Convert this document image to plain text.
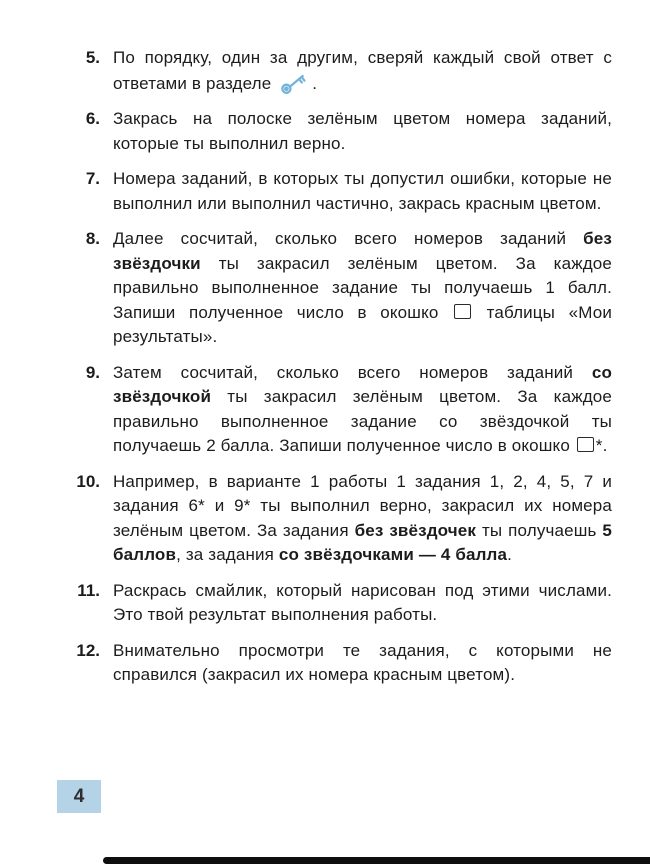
5. По порядку, один за другим, сверяй каждый свой ответ с ответами в разделе .
6. Закрась на полоске зелёным цветом номера заданий, которые ты выполнил верно.
7. Номера заданий, в которых ты допустил ошибки, которые не выполнил или выполнил частично, закрась красным цветом.
8. Далее сосчитай, сколько всего номеров заданий без звёздочки ты закрасил зелёным цветом. За каждое правильно выполненное задание ты получаешь 1 балл. Запиши полученное число в окошко  таблицы «Мои результаты».
9. Затем сосчитай, сколько всего номеров заданий со звёздочкой ты закрасил зелёным цветом. За каждое правильно выполненное задание со звёздочкой ты получаешь 2 балла. Запиши полученное число в окошко *.
10. Например, в варианте 1 работы 1 задания 1, 2, 4, 5, 7 и задания 6* и 9* ты выполнил верно, закрасил их номера зелёным цветом. За задания без звёздочек ты получаешь 5 баллов, за задания со звёздочками — 4 балла.
11. Раскрась смайлик, который нарисован под этими числами. Это твой результат выполнения работы.
12. Внимательно просмотри те задания, с которыми не справился (закрасил их номера красным цветом).
4
